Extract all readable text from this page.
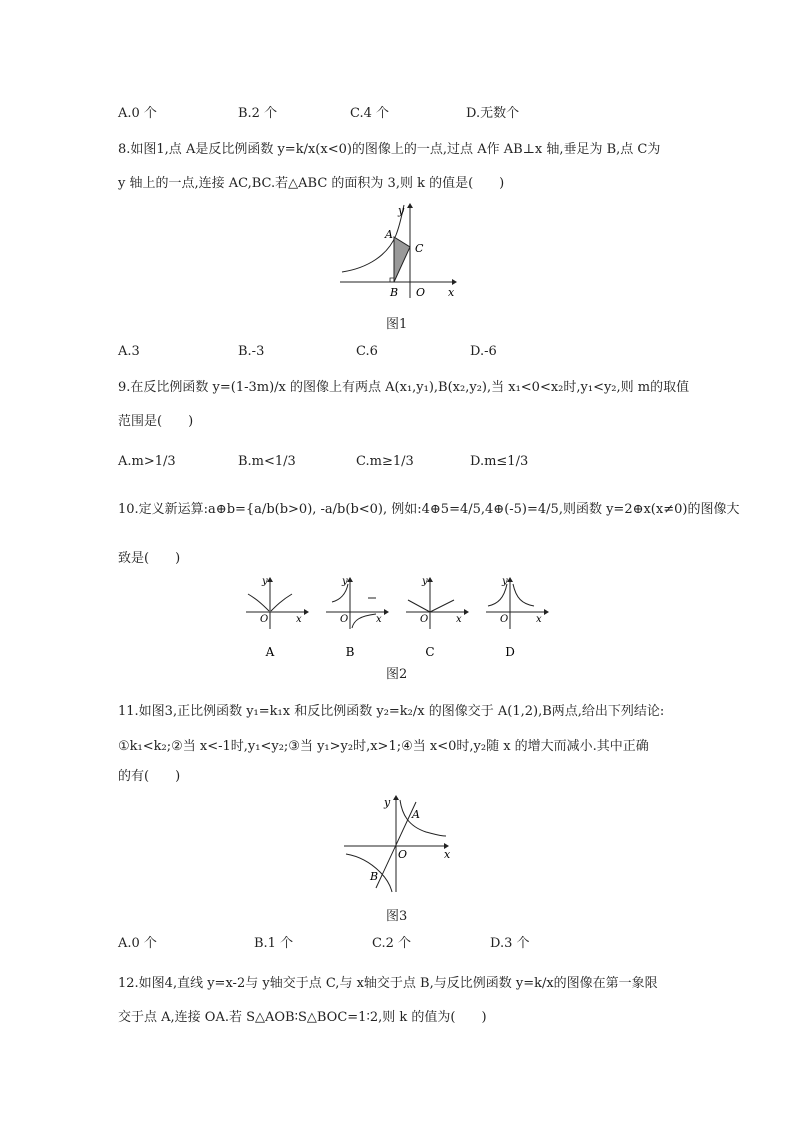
A.0 个	B.2 个	C.4 个	D.无数个
8.如图1,点 A是反比例函数 y=k/x(x<0)的图像上的一点,过点 A作 AB⊥x 轴,垂足为 B,点 C为
y 轴上的一点,连接 AC,BC.若△ABC 的面积为 3,则 k 的值是(　　)
y
x
A
B
C
O
图1
A.3	B.-3	C.6	D.-6
9.在反比例函数 y=(1-3m)/x 的图像上有两点 A(x₁,y₁),B(x₂,y₂),当 x₁<0<x₂时,y₁<y₂,则 m的取值
范围是(　　)
A.m>1/3	B.m<1/3	C.m≥1/3	D.m≤1/3
10.定义新运算:a⊕b={a/b(b>0), -a/b(b<0), 例如:4⊕5=4/5,4⊕(-5)=4/5,则函数 y=2⊕x(x≠0)的图像大
致是(　　)
y
O	x
A
y
O	x
B
y
O	x
C
y
O	x
D
图2
11.如图3,正比例函数 y₁=k₁x 和反比例函数 y₂=k₂/x 的图像交于 A(1,2),B两点,给出下列结论:
①k₁<k₂;②当 x<-1时,y₁<y₂;③当 y₁>y₂时,x>1;④当 x<0时,y₂随 x 的增大而减小.其中正确
的有(　　)
y
x
A
B
O
图3
A.0 个	B.1 个	C.2 个	D.3 个
12.如图4,直线 y=x-2与 y轴交于点 C,与 x轴交于点 B,与反比例函数 y=k/x的图像在第一象限
交于点 A,连接 OA.若 S△AOB∶S△BOC=1∶2,则 k 的值为(　　)
